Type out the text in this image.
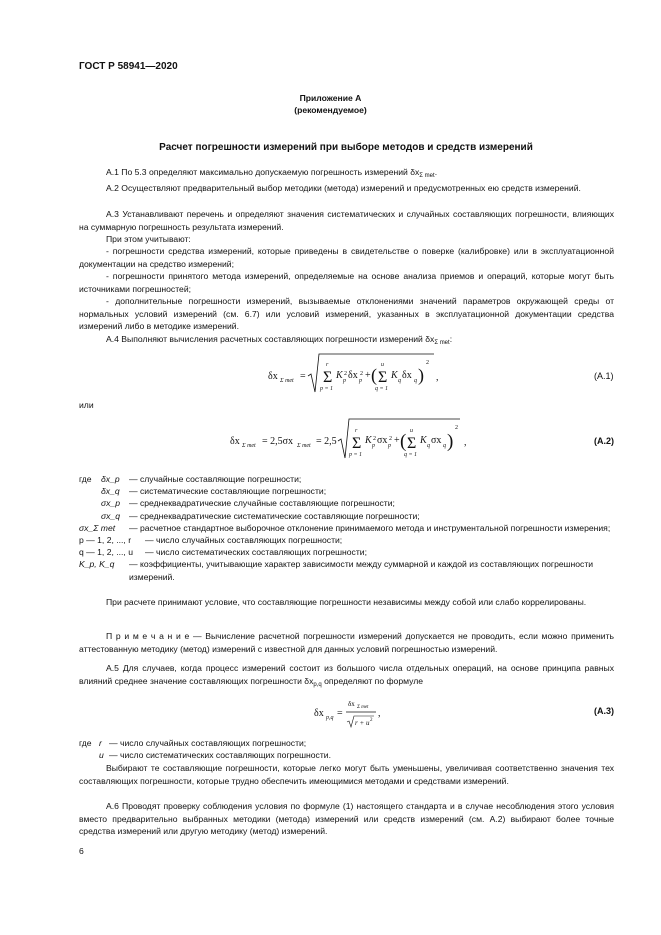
ГОСТ Р 58941—2020
Приложение А
(рекомендуемое)
Расчет погрешности измерений при выборе методов и средств измерений
А.1 По 5.3 определяют максимально допускаемую погрешность измерений $\delta x_{\Sigma met}$.
А.2 Осуществляют предварительный выбор методики (метода) измерений и предусмотренных ею средств измерений.
А.3 Устанавливают перечень и определяют значения систематических и случайных составляющих погрешности, влияющих на суммарную погрешность результата измерений.
При этом учитывают:
- погрешности средства измерений, которые приведены в свидетельстве о поверке (калибровке) или в эксплуатационной документации на средство измерений;
- погрешности принятого метода измерений, определяемые на основе анализа приемов и операций, которые могут быть источниками погрешностей;
- дополнительные погрешности измерений, вызываемые отклонениями значений параметров окружающей среды от нормальных условий измерений (см. 6.7) или условий измерений, указанных в эксплуатационной документации средства измерений либо в методике измерений.
А.4 Выполняют вычисления расчетных составляющих погрешности измерений $\delta x_{\Sigma met}$:
δx Σ met = Σ
r
p = 1
K 2
p δx 2
p + ( Σ
u
q = 1
K q δx q )
2
,	(А.1)
или
δx Σ met = 2,5σx Σ met = 2,5 Σ
r
p = 1
K 2
p σx 2
p + ( Σ
u
q = 1
K q σx q )
2
,	(А.2)
где	δx_p	— случайные составляющие погрешности;
δx_q	— систематические составляющие погрешности;
σx_p	— среднеквадратические случайные составляющие погрешности;
σx_q	— среднеквадратические систематические составляющие погрешности;
σx_Σ met	— расчетное стандартное выборочное отклонение принимаемого метода и инструментальной погрешности измерения;
p — 1, 2, ..., r	— число случайных составляющих погрешности;
q — 1, 2, ..., u	— число систематических составляющих погрешности;
K_p, K_q	— коэффициенты, учитывающие характер зависимости между суммарной и каждой из составляющих погрешности измерений.
При расчете принимают условие, что составляющие погрешности независимы между собой или слабо коррелированы.
П р и м е ч а н и е — Вычисление расчетной погрешности измерений допускается не проводить, если можно применить аттестованную методику (метод) измерений с известной для данных условий погрешностью измерений.
А.5 Для случаев, когда процесс измерений состоит из большого числа отдельных операций, на основе принципа равных влияний среднее значение составляющих погрешности $\delta x_{p,q}$ определяют по формуле
δx p,q =
δx Σ met
r + u 2
,	(А.3)
где r — число случайных составляющих погрешности;
u — число систематических составляющих погрешности.
Выбирают те составляющие погрешности, которые легко могут быть уменьшены, увеличивая соответственно значения тех составляющих погрешности, которые трудно обеспечить имеющимися методами и средствами измерений.
А.6 Проводят проверку соблюдения условия по формуле (1) настоящего стандарта и в случае несоблюдения этого условия вместо предварительно выбранных методики (метода) измерений или средств измерений (см. А.2) выбирают более точные средства измерений или другую методику (метод) измерений.
6
